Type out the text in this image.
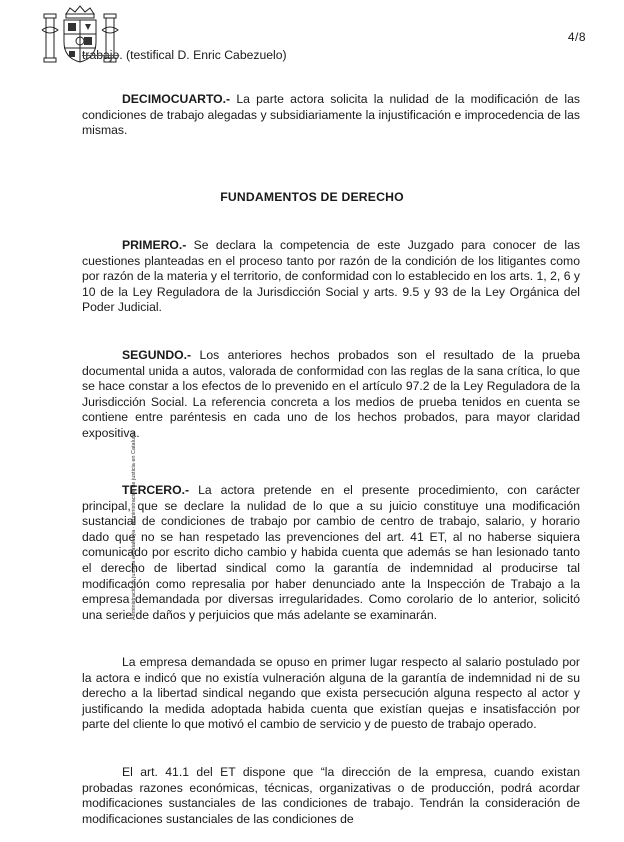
4/8
Administració de justícia a Catalunya · Administración de justicia en Cataluña

trabajo. (testifical D. Enric Cabezuelo)

DECIMOCUARTO.- La parte actora solicita la nulidad de la modificación de las condiciones de trabajo alegadas y subsidiariamente la injustificación e improcedencia de las mismas.

FUNDAMENTOS DE DERECHO

PRIMERO.- Se declara la competencia de este Juzgado para conocer de las cuestiones planteadas en el proceso tanto por razón de la condición de los litigantes como por razón de la materia y el territorio, de conformidad con lo establecido en los arts. 1, 2, 6 y 10 de la Ley Reguladora de la Jurisdicción Social y arts. 9.5 y 93 de la Ley Orgánica del Poder Judicial.

SEGUNDO.- Los anteriores hechos probados son el resultado de la prueba documental unida a autos, valorada de conformidad con las reglas de la sana crítica, lo que se hace constar a los efectos de lo prevenido en el artículo 97.2 de la Ley Reguladora de la Jurisdicción Social. La referencia concreta a los medios de prueba tenidos en cuenta se contiene entre paréntesis en cada uno de los hechos probados, para mayor claridad expositiva.

TERCERO.- La actora pretende en el presente procedimiento, con carácter principal, que se declare la nulidad de lo que a su juicio constituye una modificación sustancial de condiciones de trabajo por cambio de centro de trabajo, salario, y horario dado que no se han respetado las prevenciones del art. 41 ET, al no haberse siquiera comunicado por escrito dicho cambio y habida cuenta que además se han lesionado tanto el derecho de libertad sindical como la garantía de indemnidad al producirse tal modificación como represalia por haber denunciado ante la Inspección de Trabajo a la empresa demandada por diversas irregularidades. Como corolario de lo anterior, solicitó una serie de daños y perjuicios que más adelante se examinarán.

La empresa demandada se opuso en primer lugar respecto al salario postulado por la actora e indicó que no existía vulneración alguna de la garantía de indemnidad ni de su derecho a la libertad sindical negando que exista persecución alguna respecto al actor y justificando la medida adoptada habida cuenta que existían quejas e insatisfacción por parte del cliente lo que motivó el cambio de servicio y de puesto de trabajo operado.

El art. 41.1 del ET dispone que “la dirección de la empresa, cuando existan probadas razones económicas, técnicas, organizativas o de producción, podrá acordar modificaciones sustanciales de las condiciones de trabajo. Tendrán la consideración de modificaciones sustanciales de las condiciones de
